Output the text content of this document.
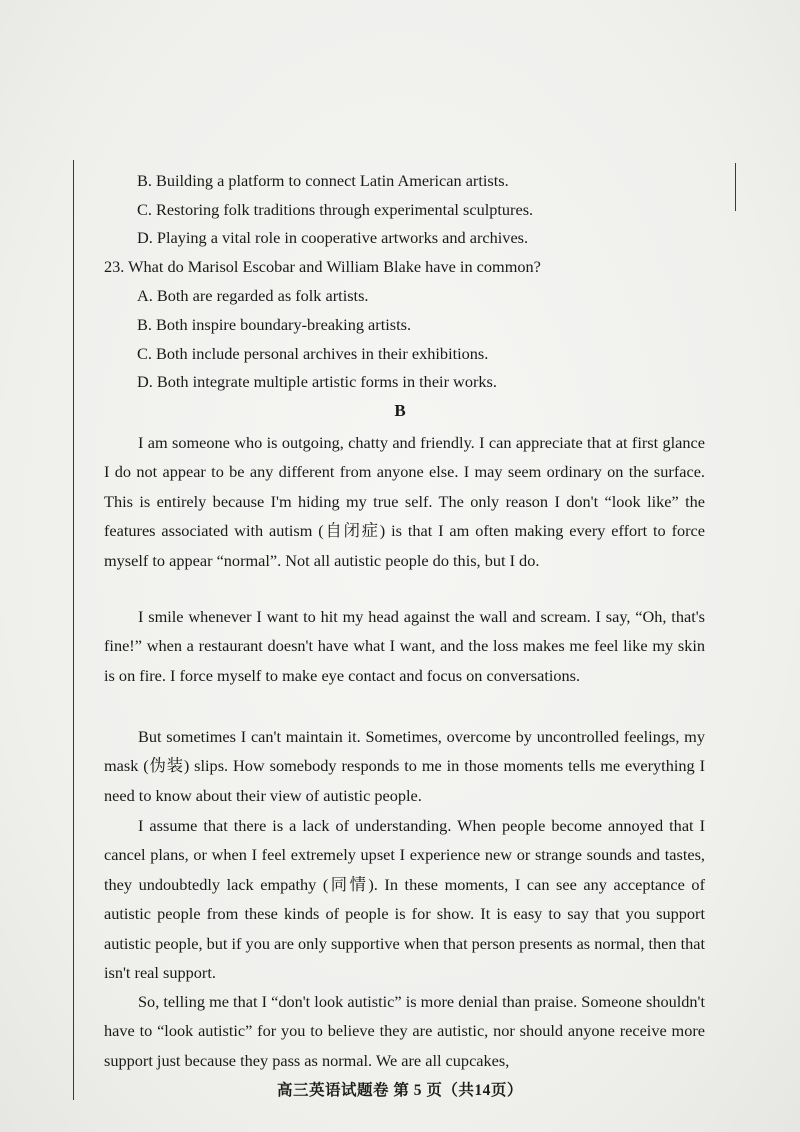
B. Building a platform to connect Latin American artists.
C. Restoring folk traditions through experimental sculptures.
D. Playing a vital role in cooperative artworks and archives.
23. What do Marisol Escobar and William Blake have in common?
A. Both are regarded as folk artists.
B. Both inspire boundary-breaking artists.
C. Both include personal archives in their exhibitions.
D. Both integrate multiple artistic forms in their works.
B

I am someone who is outgoing, chatty and friendly. I can appreciate that at first glance I do not appear to be any different from anyone else. I may seem ordinary on the surface. This is entirely because I'm hiding my true self. The only reason I don't “look like” the features associated with autism (自闭症) is that I am often making every effort to force myself to appear “normal”. Not all autistic people do this, but I do.

I smile whenever I want to hit my head against the wall and scream. I say, “Oh, that's fine!” when a restaurant doesn't have what I want, and the loss makes me feel like my skin is on fire. I force myself to make eye contact and focus on conversations.

But sometimes I can't maintain it. Sometimes, overcome by uncontrolled feelings, my mask (伪装) slips. How somebody responds to me in those moments tells me everything I need to know about their view of autistic people.

I assume that there is a lack of understanding. When people become annoyed that I cancel plans, or when I feel extremely upset I experience new or strange sounds and tastes, they undoubtedly lack empathy (同情). In these moments, I can see any acceptance of autistic people from these kinds of people is for show. It is easy to say that you support autistic people, but if you are only supportive when that person presents as normal, then that isn't real support.

So, telling me that I “don't look autistic” is more denial than praise. Someone shouldn't have to “look autistic” for you to believe they are autistic, nor should anyone receive more support just because they pass as normal. We are all cupcakes,

高三英语试题卷 第 5 页（共14页）
